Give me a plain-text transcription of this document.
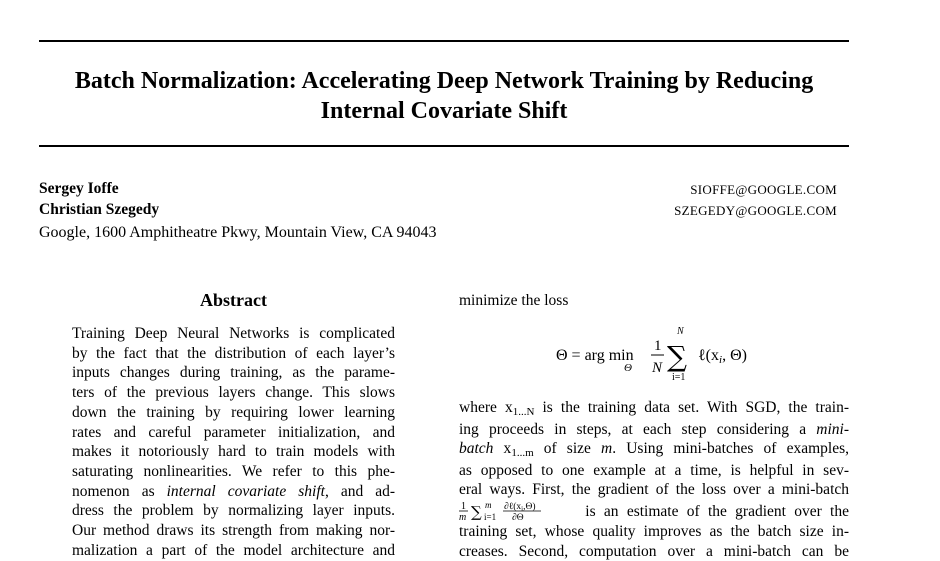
Batch Normalization: Accelerating Deep Network Training by Reducing
Internal Covariate Shift
Sergey Ioffe
Christian Szegedy
SIOFFE@GOOGLE.COM
SZEGEDY@GOOGLE.COM
Google, 1600 Amphitheatre Pkwy, Mountain View, CA 94043
Abstract
Training Deep Neural Networks is complicated
by the fact that the distribution of each layer’s
inputs changes during training, as the parame-
ters of the previous layers change. This slows
down the training by requiring lower learning
rates and careful parameter initialization, and
makes it notoriously hard to train models with
saturating nonlinearities. We refer to this phe-
nomenon as internal covariate shift, and ad-
dress the problem by normalizing layer inputs.
Our method draws its strength from making nor-
malization a part of the model architecture and
minimize the loss
Θ = arg min
Θ
1
N
N
∑
i=1
ℓ(xi, Θ)
where x1...N is the training data set. With SGD, the train-
ing proceeds in steps, at each step considering a mini-
batch x1...m of size m. Using mini-batches of examples,
as opposed to one example at a time, is helpful in sev-
eral ways. First, the gradient of the loss over a mini-batch
1
m ∑ m
i=1
$\partial\ell(x_i,\Theta)$
∂Θ	is an estimate of the gradient over the
training set, whose quality improves as the batch size in-
creases. Second, computation over a mini-batch can be
